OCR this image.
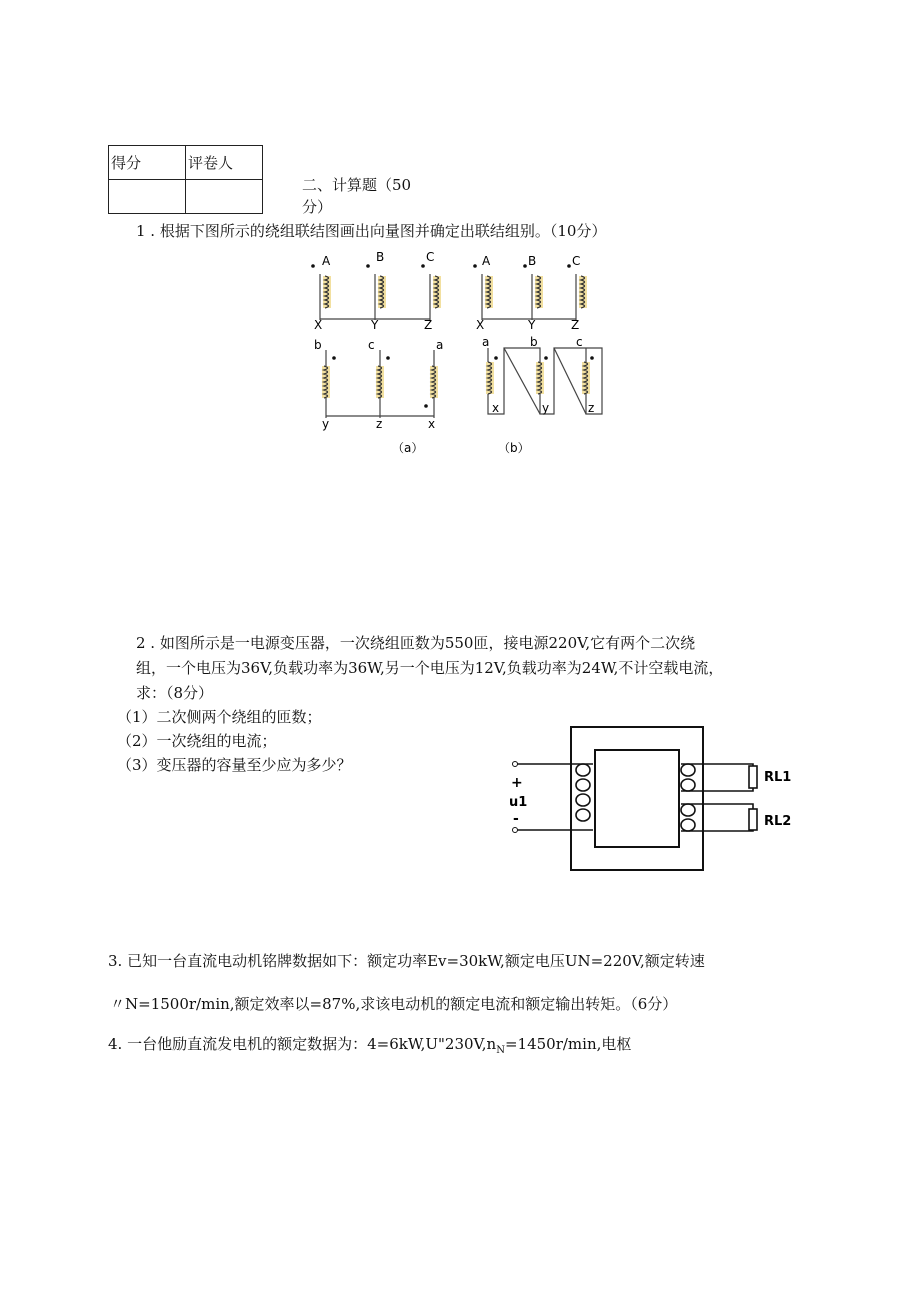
得分	评卷人

二、计算题（50
分）
1 . 根据下图所示的绕组联结图画出向量图并确定出联结组别。（10分）
A	B	C
X	Y	Z
b	c	a
y	z	x
（a）
A	B	C
X	Y	Z
a	b	c
x	y	z
（b）
2 . 如图所示是一电源变压器，一次绕组匝数为550匝，接电源220V,它有两个二次绕
组，一个电压为36V,负载功率为36W,另一个电压为12V,负载功率为24W,不计空载电流，
求：（8分）
（1）二次侧两个绕组的匝数；
（2）一次绕组的电流；
（3）变压器的容量至少应为多少？
+
u1
-
RL1
RL2
3. 已知一台直流电动机铭牌数据如下：额定功率Ev=30kW,额定电压UN=220V,额定转速
〃N=1500r/min,额定效率以=87%,求该电动机的额定电流和额定输出转矩。（6分）
4. 一台他励直流发电机的额定数据为：$4=6kW,U"230V,n_N=1450r/\min$,电枢
